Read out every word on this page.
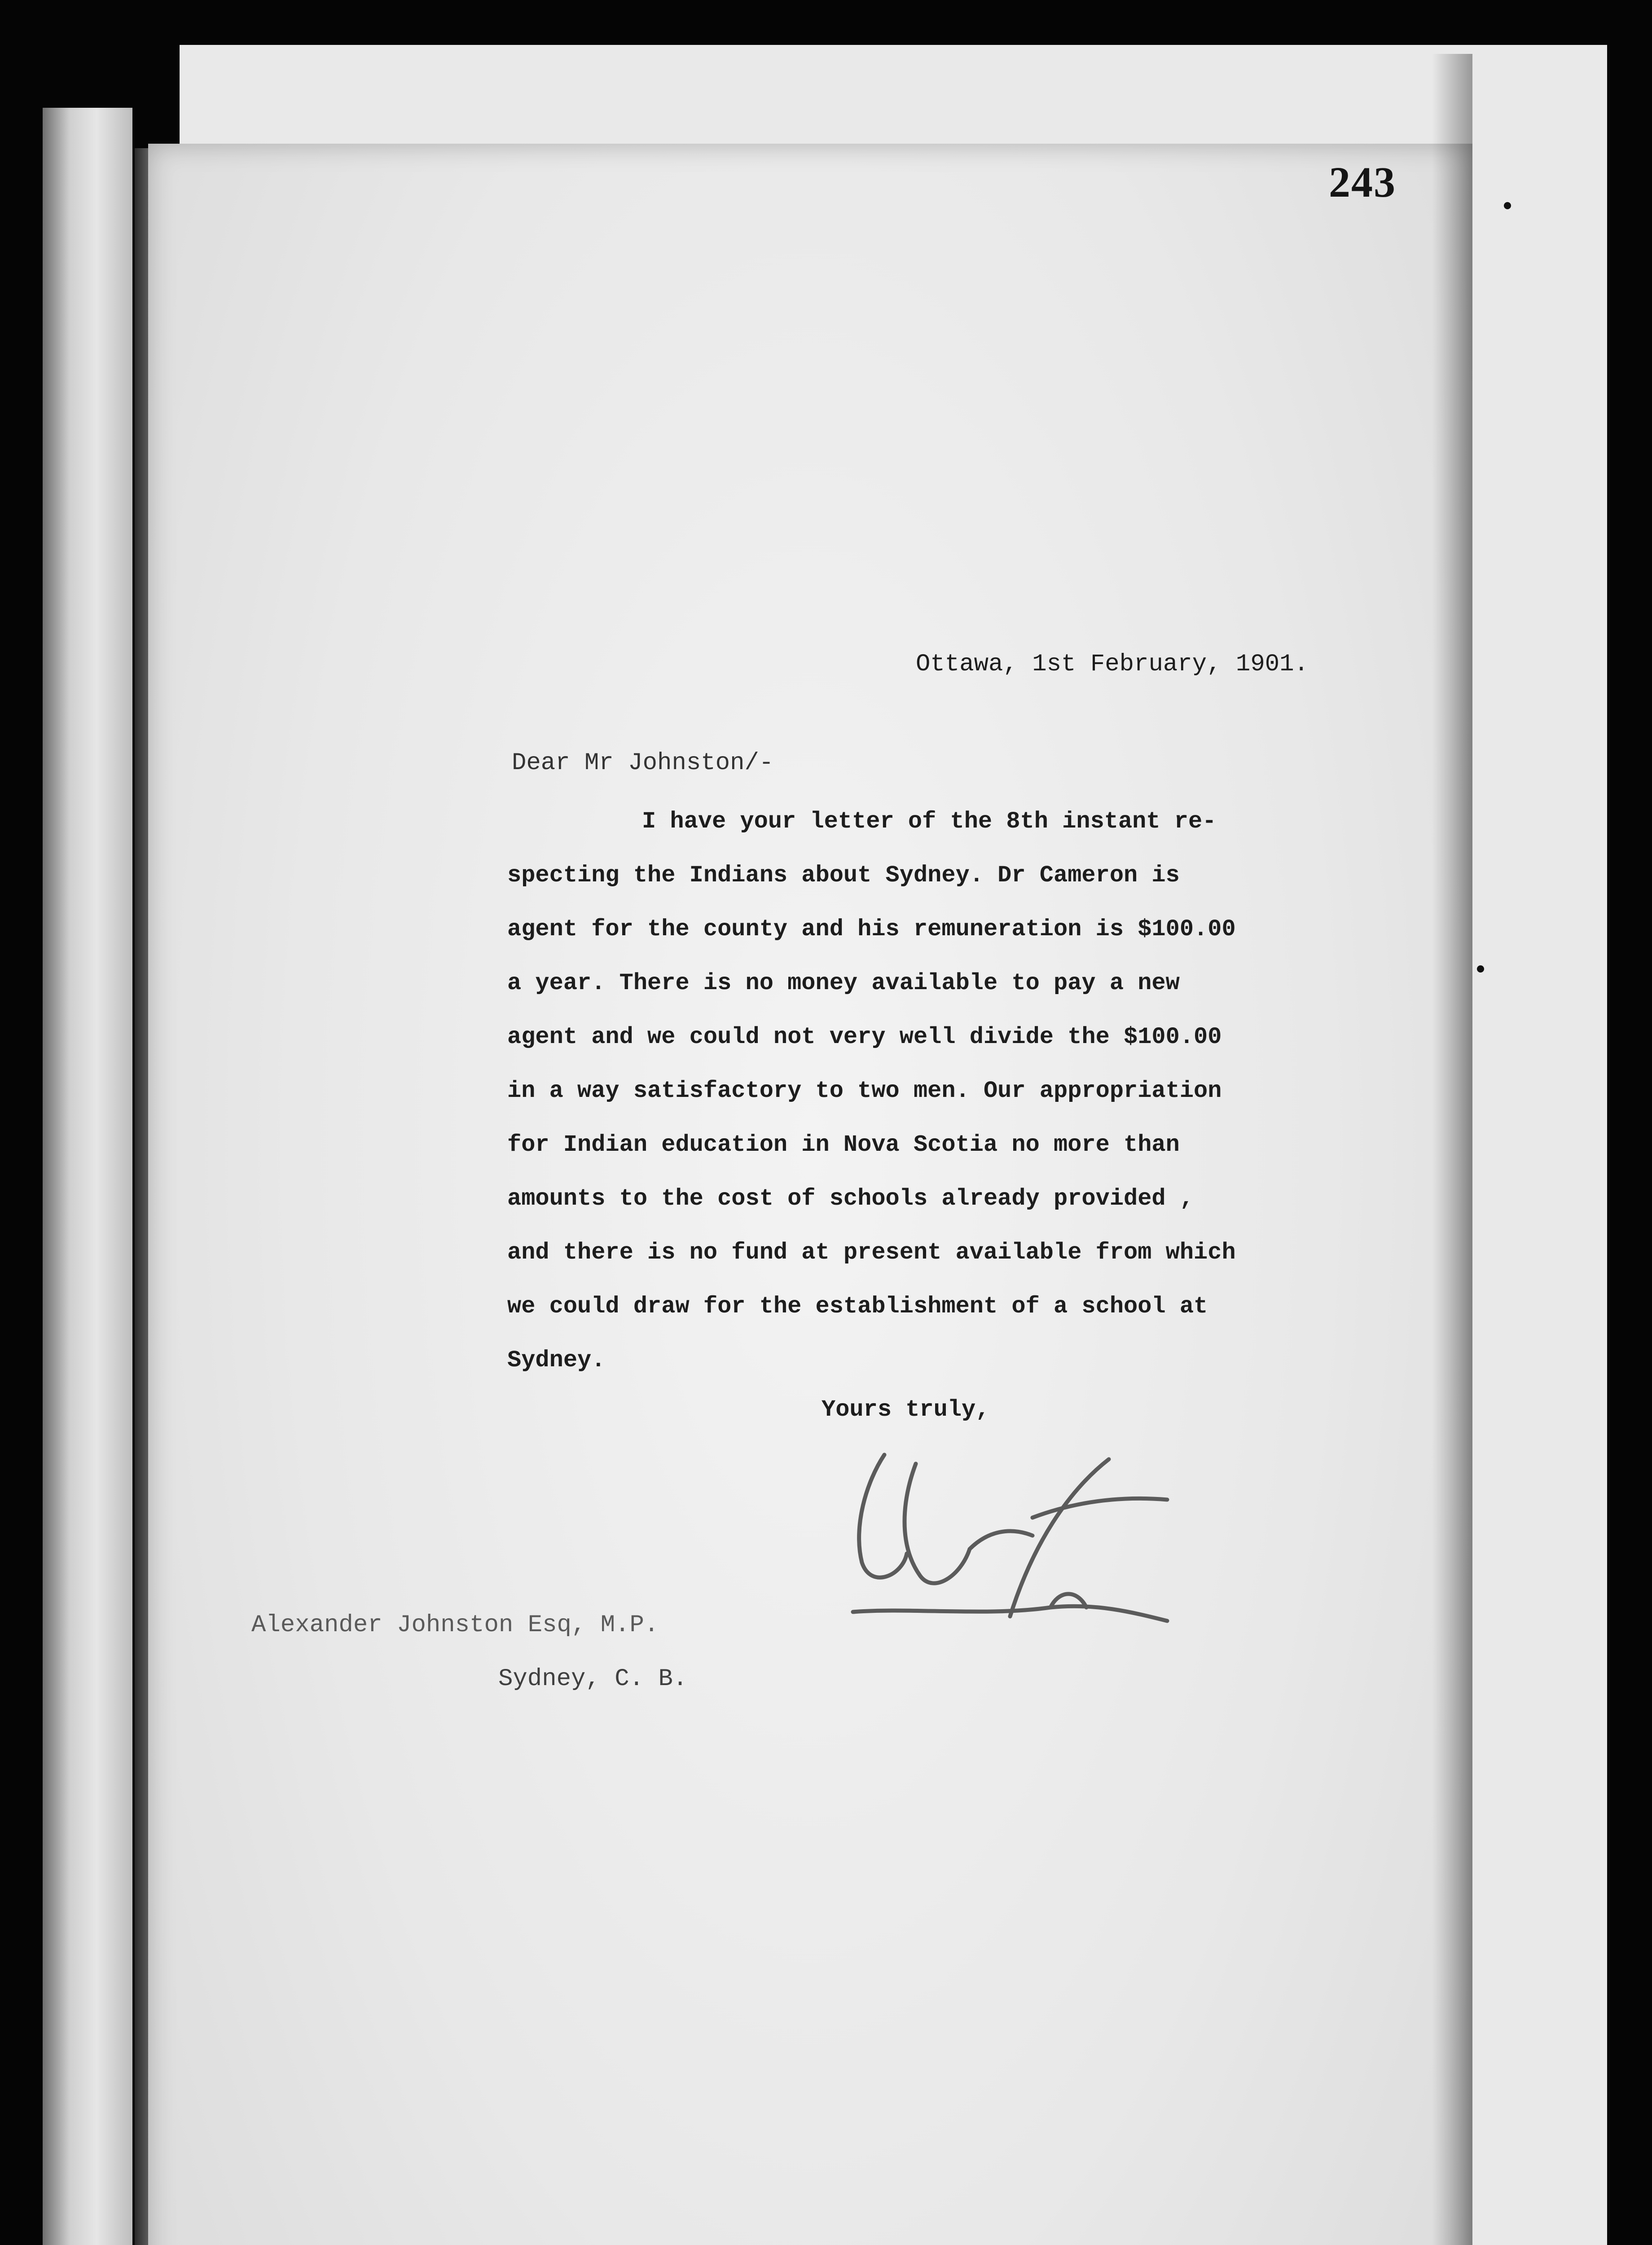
243
Ottawa, 1st February, 1901.
Dear Mr Johnston/-
I have your letter of the 8th instant re-
specting the Indians about Sydney. Dr Cameron is
agent for the county and his remuneration is $100.00
a year. There is no money available to pay a new
agent and we could not very well divide the $100.00
in a way satisfactory to two men. Our appropriation
for Indian education in Nova Scotia no more than
amounts to the cost of schools already provided ,
and there is no fund at present available from which
we could draw for the establishment of a school at
Sydney.
Yours truly,
Alexander Johnston Esq, M.P.
Sydney, C. B.
